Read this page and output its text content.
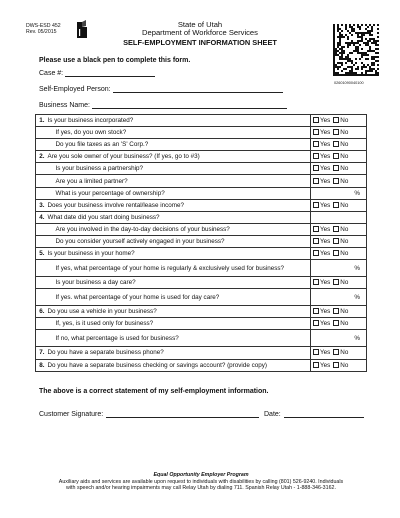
DWS-ESD 452
Rev. 05/2015
State of Utah
Department of Workforce Services
SELF-EMPLOYMENT INFORMATION SHEET
02601090040100
Please use a black pen to complete this form.
Case #:
Self-Employed Person:
Business Name:
1.	Is your business incorporated?	Yes No
	If yes, do you own stock?	Yes No
	Do you file taxes as an 'S' Corp.?	Yes No
2.	Are you sole owner of your business? (If yes, go to #3)	Yes No
	Is your business a partnership?	Yes No
	Are you a limited partner?	Yes No
	What is your percentage of ownership?	%
3.	Does your business involve rental/lease income?	Yes No
4.	What date did you start doing business?	
	Are you involved in the day-to-day decisions of your business?	Yes No
	Do you consider yourself actively engaged in your business?	Yes No
5.	Is your business in your home?	Yes No
	If yes, what percentage of your home is regularly & exclusively used for business?	%
	Is your business a day care?	Yes No
	If yes. what percentage of your home is used for day care?	%
6.	Do you use a vehicle in your business?	Yes No
	If, yes, is it used only for business?	Yes No
	If no, what percentage is used for business?	%
7.	Do you have a separate business phone?	Yes No
8.	Do you have a separate business checking or savings account? (provide copy)	Yes No
The above is a correct statement of my self-employment information.
Customer Signature:	Date:
Equal Opportunity Employer Program
Auxiliary aids and services are available upon request to individuals with disabilities by calling (801) 526-9240. Individuals
with speech and/or hearing impairments may call Relay Utah by dialing 711. Spanish Relay Utah - 1-888-346-3162.
